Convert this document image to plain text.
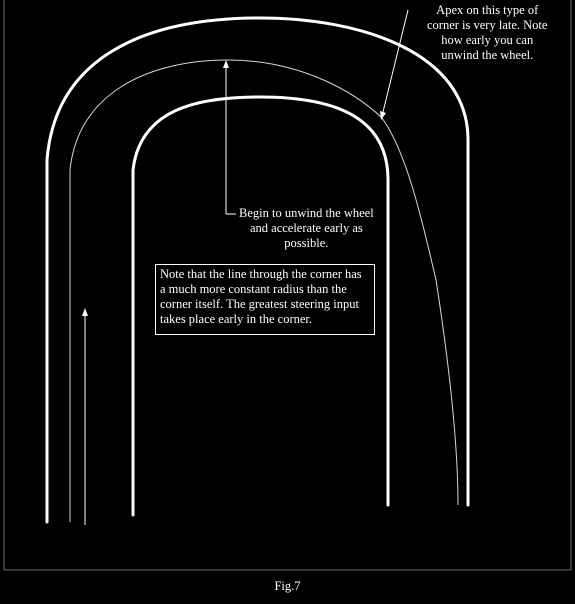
Apex on this type of
corner is very late. Note
how early you can
unwind the wheel.
Begin to unwind the wheel
and accelerate early as
possible.
Note that the line through the corner has a much more constant radius than the corner itself. The greatest steering input takes place early in the corner.
Fig.7
